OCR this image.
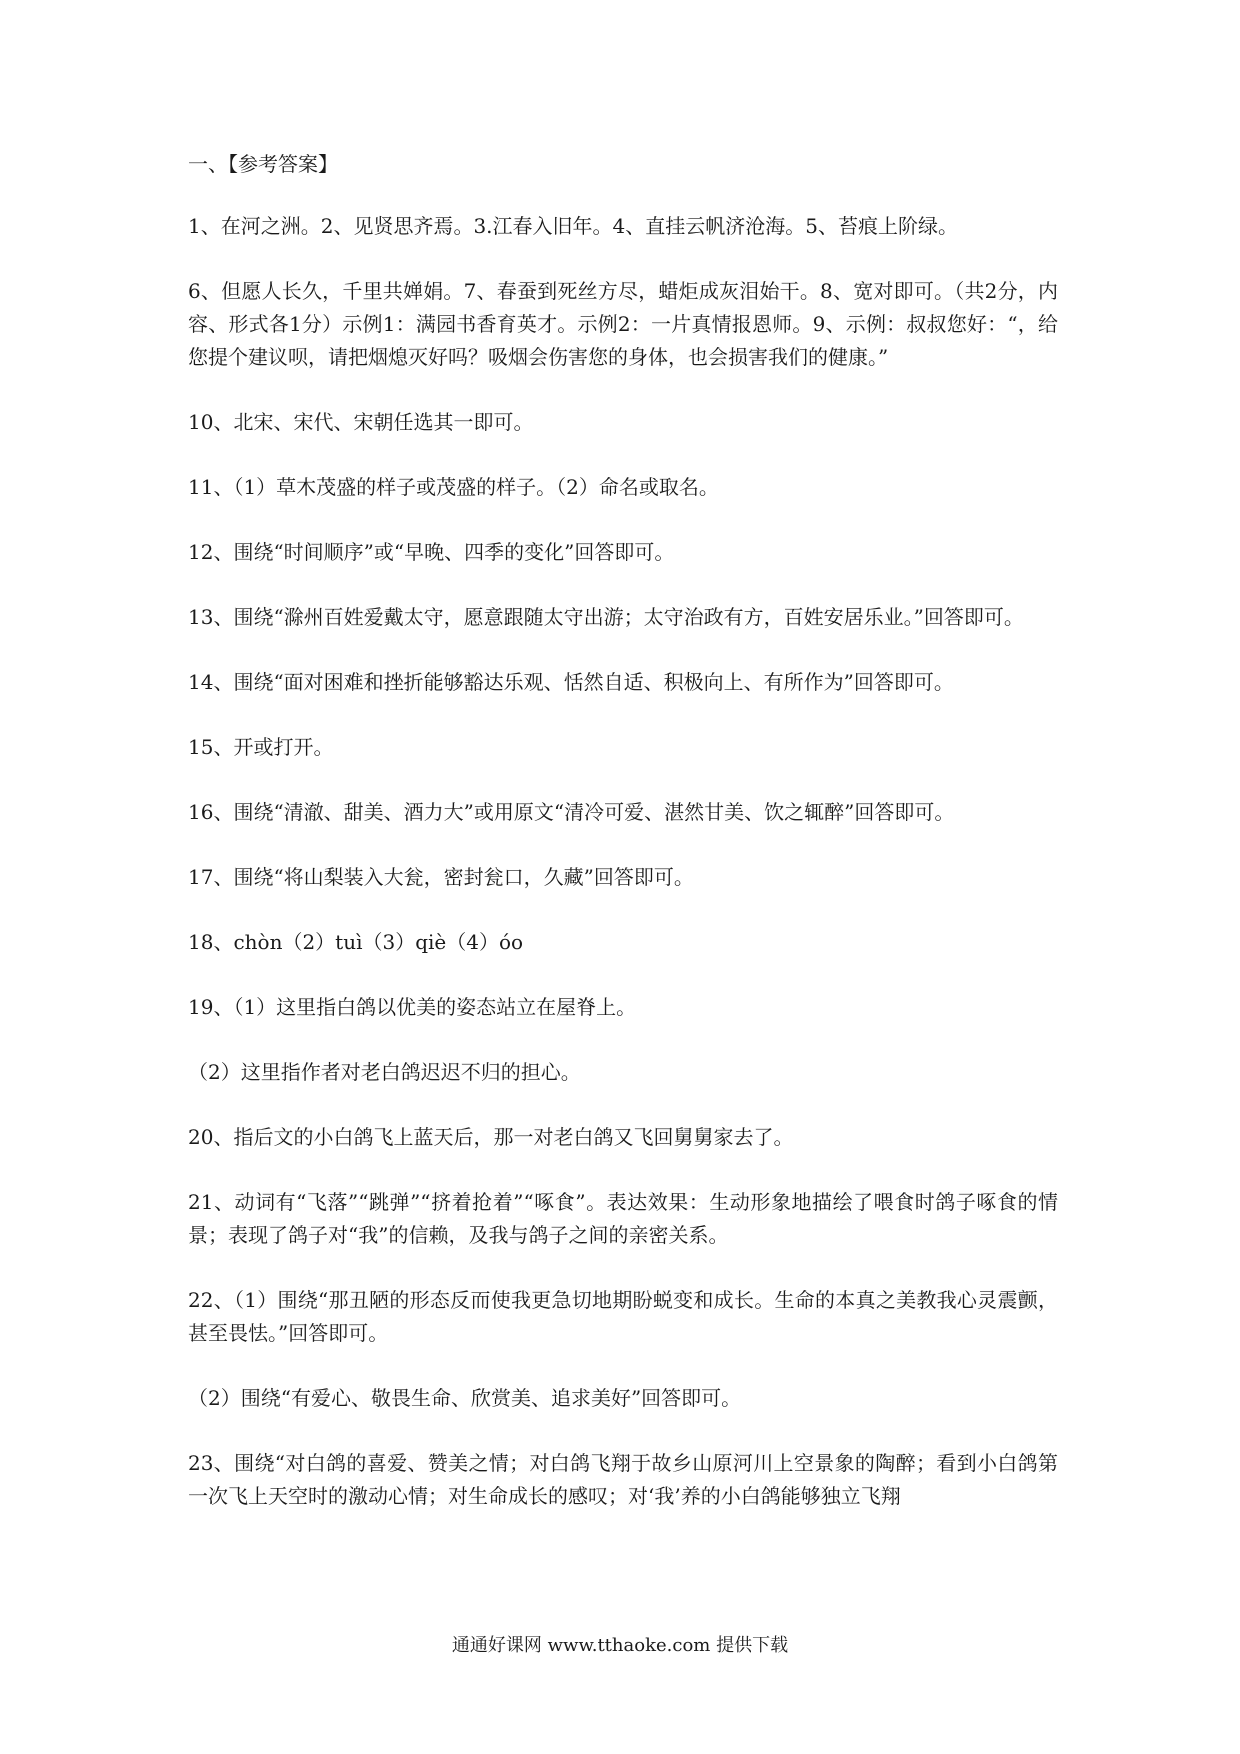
一、【参考答案】

1、在河之洲。2、见贤思齐焉。3.江春入旧年。4、直挂云帆济沧海。5、苔痕上阶绿。

6、但愿人长久，千里共婵娟。7、春蚕到死丝方尽，蜡炬成灰泪始干。8、宽对即可。（共2分，内容、形式各1分）示例1：满园书香育英才。示例2：一片真情报恩师。9、示例：叔叔您好：“，给您提个建议呗，请把烟熄灭好吗？吸烟会伤害您的身体，也会损害我们的健康。”

10、北宋、宋代、宋朝任选其一即可。

11、（1）草木茂盛的样子或茂盛的样子。（2）命名或取名。

12、围绕“时间顺序”或“早晚、四季的变化”回答即可。

13、围绕“滁州百姓爱戴太守，愿意跟随太守出游；太守治政有方，百姓安居乐业。”回答即可。

14、围绕“面对困难和挫折能够豁达乐观、恬然自适、积极向上、有所作为”回答即可。

15、开或打开。

16、围绕“清澈、甜美、酒力大”或用原文“清冷可爱、湛然甘美、饮之辄醉”回答即可。

17、围绕“将山梨装入大瓮，密封瓮口，久藏”回答即可。

18、chòn（2）tuì（3）qiè（4）óo

19、（1）这里指白鸽以优美的姿态站立在屋脊上。

（2）这里指作者对老白鸽迟迟不归的担心。

20、指后文的小白鸽飞上蓝天后，那一对老白鸽又飞回舅舅家去了。

21、动词有“飞落”“跳弹”“挤着抢着”“啄食”。表达效果：生动形象地描绘了喂食时鸽子啄食的情景；表现了鸽子对“我”的信赖，及我与鸽子之间的亲密关系。

22、（1）围绕“那丑陋的形态反而使我更急切地期盼蜕变和成长。生命的本真之美教我心灵震颤，甚至畏怯。”回答即可。

（2）围绕“有爱心、敬畏生命、欣赏美、追求美好”回答即可。

23、围绕“对白鸽的喜爱、赞美之情；对白鸽飞翔于故乡山原河川上空景象的陶醉；看到小白鸽第一次飞上天空时的激动心情；对生命成长的感叹；对‘我’养的小白鸽能够独立飞翔

通通好课网 www.tthaoke.com 提供下载
